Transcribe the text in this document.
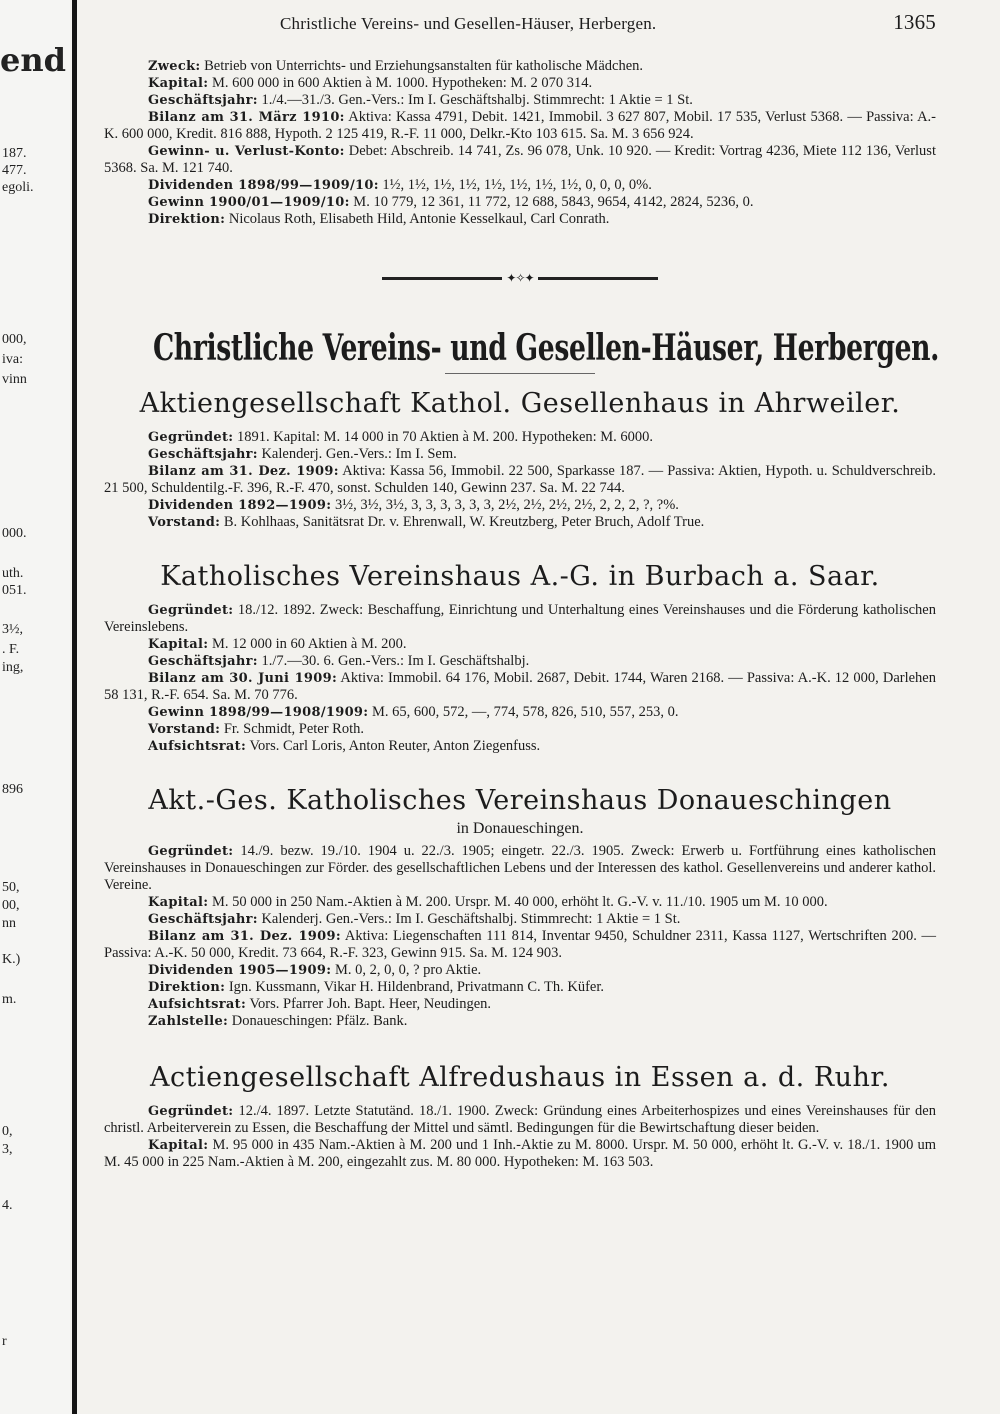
end
187.
477.
egoli.
000,
iva:
vinn
000.
uth.
051.
3½,
. F.
ing,
896
50,
00,
nn
K.)
m.
0,
3,
4.
r
Christliche Vereins- und Gesellen-Häuser, Herbergen.	1365

Zweck: Betrieb von Unterrichts- und Erziehungsanstalten für katholische Mädchen.

Kapital: M. 600 000 in 600 Aktien à M. 1000. Hypotheken: M. 2 070 314.

Geschäftsjahr: 1./4.—31./3. Gen.-Vers.: Im I. Geschäftshalbj. Stimmrecht: 1 Aktie = 1 St.

Bilanz am 31. März 1910: Aktiva: Kassa 4791, Debit. 1421, Immobil. 3 627 807, Mobil. 17 535, Verlust 5368. — Passiva: A.-K. 600 000, Kredit. 816 888, Hypoth. 2 125 419, R.-F. 11 000, Delkr.-Kto 103 615. Sa. M. 3 656 924.

Gewinn- u. Verlust-Konto: Debet: Abschreib. 14 741, Zs. 96 078, Unk. 10 920. — Kredit: Vortrag 4236, Miete 112 136, Verlust 5368. Sa. M. 121 740.

Dividenden 1898/99—1909/10: 1½, 1½, 1½, 1½, 1½, 1½, 1½, 1½, 0, 0, 0, 0%.

Gewinn 1900/01—1909/10: M. 10 779, 12 361, 11 772, 12 688, 5843, 9654, 4142, 2824, 5236, 0.

Direktion: Nicolaus Roth, Elisabeth Hild, Antonie Kesselkaul, Carl Conrath.

✦✧✦
Christliche Vereins- und Gesellen-Häuser, Herbergen.
Aktiengesellschaft Kathol. Gesellenhaus in Ahrweiler.

Gegründet: 1891. Kapital: M. 14 000 in 70 Aktien à M. 200. Hypotheken: M. 6000.

Geschäftsjahr: Kalenderj. Gen.-Vers.: Im I. Sem.

Bilanz am 31. Dez. 1909: Aktiva: Kassa 56, Immobil. 22 500, Sparkasse 187. — Passiva: Aktien, Hypoth. u. Schuldverschreib. 21 500, Schuldentilg.-F. 396, R.-F. 470, sonst. Schulden 140, Gewinn 237. Sa. M. 22 744.

Dividenden 1892—1909: 3½, 3½, 3½, 3, 3, 3, 3, 3, 3, 2½, 2½, 2½, 2½, 2, 2, 2, ?, ?%.

Vorstand: B. Kohlhaas, Sanitätsrat Dr. v. Ehrenwall, W. Kreutzberg, Peter Bruch, Adolf True.

Katholisches Vereinshaus A.-G. in Burbach a. Saar.

Gegründet: 18./12. 1892. Zweck: Beschaffung, Einrichtung und Unterhaltung eines Vereinshauses und die Förderung katholischen Vereinslebens.

Kapital: M. 12 000 in 60 Aktien à M. 200.

Geschäftsjahr: 1./7.—30. 6. Gen.-Vers.: Im I. Geschäftshalbj.

Bilanz am 30. Juni 1909: Aktiva: Immobil. 64 176, Mobil. 2687, Debit. 1744, Waren 2168. — Passiva: A.-K. 12 000, Darlehen 58 131, R.-F. 654. Sa. M. 70 776.

Gewinn 1898/99—1908/1909: M. 65, 600, 572, —, 774, 578, 826, 510, 557, 253, 0.

Vorstand: Fr. Schmidt, Peter Roth.

Aufsichtsrat: Vors. Carl Loris, Anton Reuter, Anton Ziegenfuss.

Akt.-Ges. Katholisches Vereinshaus Donaueschingen
in Donaueschingen.

Gegründet: 14./9. bezw. 19./10. 1904 u. 22./3. 1905; eingetr. 22./3. 1905. Zweck: Erwerb u. Fortführung eines katholischen Vereinshauses in Donaueschingen zur Förder. des gesellschaftlichen Lebens und der Interessen des kathol. Gesellenvereins und anderer kathol. Vereine.

Kapital: M. 50 000 in 250 Nam.-Aktien à M. 200. Urspr. M. 40 000, erhöht lt. G.-V. v. 11./10. 1905 um M. 10 000.

Geschäftsjahr: Kalenderj. Gen.-Vers.: Im I. Geschäftshalbj. Stimmrecht: 1 Aktie = 1 St.

Bilanz am 31. Dez. 1909: Aktiva: Liegenschaften 111 814, Inventar 9450, Schuldner 2311, Kassa 1127, Wertschriften 200. — Passiva: A.-K. 50 000, Kredit. 73 664, R.-F. 323, Gewinn 915. Sa. M. 124 903.

Dividenden 1905—1909: M. 0, 2, 0, 0, ? pro Aktie.

Direktion: Ign. Kussmann, Vikar H. Hildenbrand, Privatmann C. Th. Küfer.

Aufsichtsrat: Vors. Pfarrer Joh. Bapt. Heer, Neudingen.

Zahlstelle: Donaueschingen: Pfälz. Bank.

Actiengesellschaft Alfredushaus in Essen a. d. Ruhr.

Gegründet: 12./4. 1897. Letzte Statutänd. 18./1. 1900. Zweck: Gründung eines Arbeiterhospizes und eines Vereinshauses für den christl. Arbeiterverein zu Essen, die Beschaffung der Mittel und sämtl. Bedingungen für die Bewirtschaftung dieser beiden.

Kapital: M. 95 000 in 435 Nam.-Aktien à M. 200 und 1 Inh.-Aktie zu M. 8000. Urspr. M. 50 000, erhöht lt. G.-V. v. 18./1. 1900 um M. 45 000 in 225 Nam.-Aktien à M. 200, eingezahlt zus. M. 80 000. Hypotheken: M. 163 503.
